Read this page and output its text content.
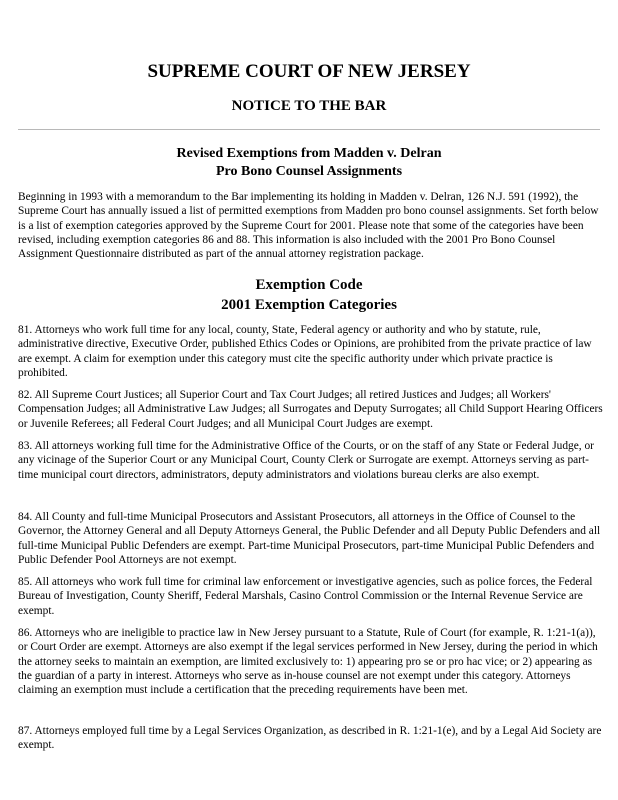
SUPREME COURT OF NEW JERSEY
NOTICE TO THE BAR
Revised Exemptions from Madden v. Delran
Pro Bono Counsel Assignments

Beginning in 1993 with a memorandum to the Bar implementing its holding in Madden v. Delran, 126 N.J. 591 (1992), the Supreme Court has annually issued a list of permitted exemptions from Madden pro bono counsel assignments. Set forth below is a list of exemption categories approved by the Supreme Court for 2001. Please note that some of the categories have been revised, including exemption categories 86 and 88. This information is also included with the 2001 Pro Bono Counsel Assignment Questionnaire distributed as part of the annual attorney registration package.

Exemption Code
2001 Exemption Categories

81. Attorneys who work full time for any local, county, State, Federal agency or authority and who by statute, rule, administrative directive, Executive Order, published Ethics Codes or Opinions, are prohibited from the private practice of law are exempt. A claim for exemption under this category must cite the specific authority under which private practice is prohibited.

82. All Supreme Court Justices; all Superior Court and Tax Court Judges; all retired Justices and Judges; all Workers' Compensation Judges; all Administrative Law Judges; all Surrogates and Deputy Surrogates; all Child Support Hearing Officers or Juvenile Referees; all Federal Court Judges; and all Municipal Court Judges are exempt.

83. All attorneys working full time for the Administrative Office of the Courts, or on the staff of any State or Federal Judge, or any vicinage of the Superior Court or any Municipal Court, County Clerk or Surrogate are exempt. Attorneys serving as part-time municipal court directors, administrators, deputy administrators and violations bureau clerks are also exempt.

84. All County and full-time Municipal Prosecutors and Assistant Prosecutors, all attorneys in the Office of Counsel to the Governor, the Attorney General and all Deputy Attorneys General, the Public Defender and all Deputy Public Defenders and all full-time Municipal Public Defenders are exempt. Part-time Municipal Prosecutors, part-time Municipal Public Defenders and Public Defender Pool Attorneys are not exempt.

85. All attorneys who work full time for criminal law enforcement or investigative agencies, such as police forces, the Federal Bureau of Investigation, County Sheriff, Federal Marshals, Casino Control Commission or the Internal Revenue Service are exempt.

86. Attorneys who are ineligible to practice law in New Jersey pursuant to a Statute, Rule of Court (for example, R. 1:21-1(a)), or Court Order are exempt. Attorneys are also exempt if the legal services performed in New Jersey, during the period in which the attorney seeks to maintain an exemption, are limited exclusively to: 1) appearing pro se or pro hac vice; or 2) appearing as the guardian of a party in interest. Attorneys who serve as in-house counsel are not exempt under this category. Attorneys claiming an exemption must include a certification that the preceding requirements have been met.

87. Attorneys employed full time by a Legal Services Organization, as described in R. 1:21-1(e), and by a Legal Aid Society are exempt.
